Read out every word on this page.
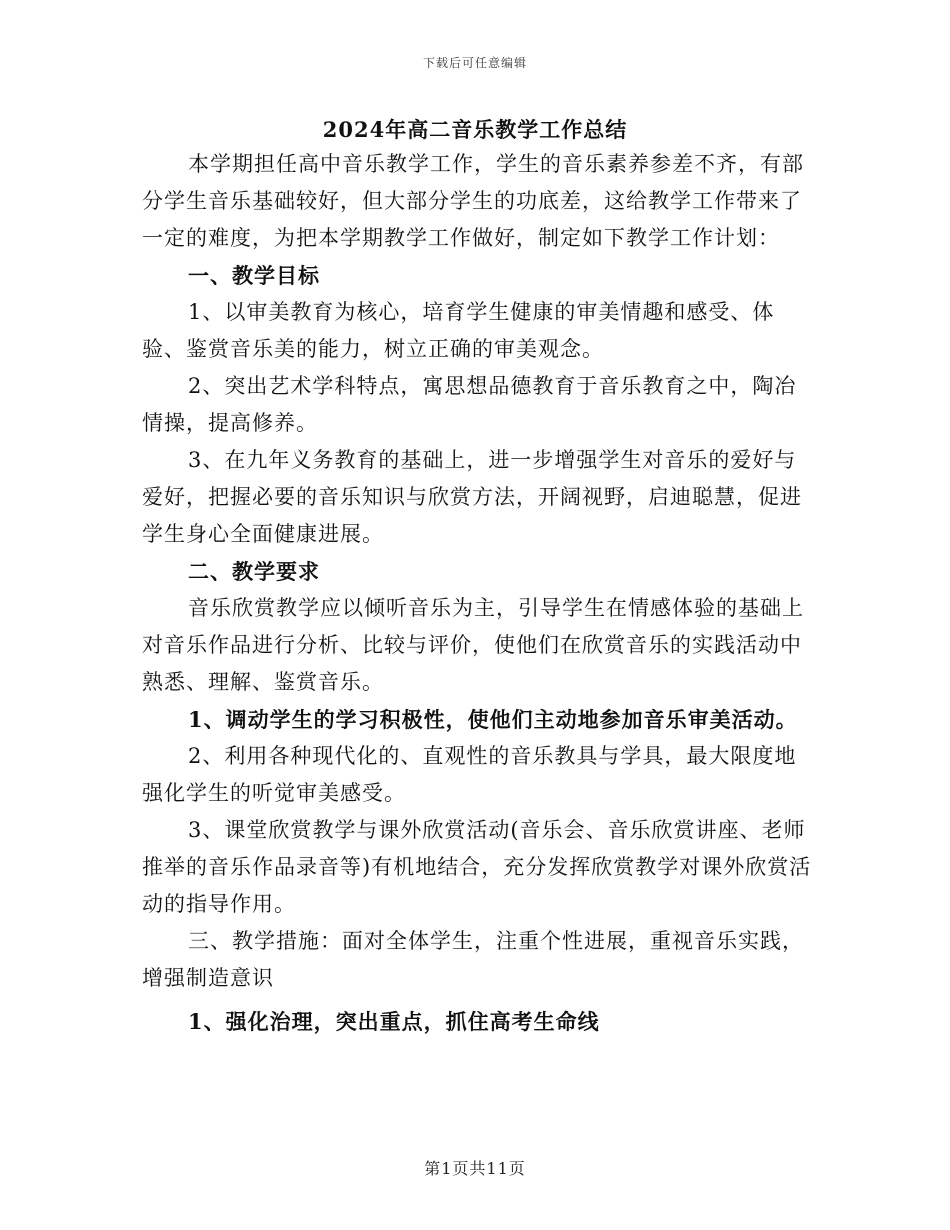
下载后可任意编辑
2024年高二音乐教学工作总结

本学期担任高中音乐教学工作，学生的音乐素养参差不齐，有部分学生音乐基础较好，但大部分学生的功底差，这给教学工作带来了一定的难度，为把本学期教学工作做好，制定如下教学工作计划：

一、教学目标

1、以审美教育为核心，培育学生健康的审美情趣和感受、体验、鉴赏音乐美的能力，树立正确的审美观念。

2、突出艺术学科特点，寓思想品德教育于音乐教育之中，陶冶情操，提高修养。

3、在九年义务教育的基础上，进一步增强学生对音乐的爱好与爱好，把握必要的音乐知识与欣赏方法，开阔视野，启迪聪慧，促进学生身心全面健康进展。

二、教学要求

音乐欣赏教学应以倾听音乐为主，引导学生在情感体验的基础上对音乐作品进行分析、比较与评价，使他们在欣赏音乐的实践活动中熟悉、理解、鉴赏音乐。

1、调动学生的学习积极性，使他们主动地参加音乐审美活动。

2、利用各种现代化的、直观性的音乐教具与学具，最大限度地强化学生的听觉审美感受。

3、课堂欣赏教学与课外欣赏活动(音乐会、音乐欣赏讲座、老师推举的音乐作品录音等)有机地结合，充分发挥欣赏教学对课外欣赏活动的指导作用。

三、教学措施：面对全体学生，注重个性进展，重视音乐实践，增强制造意识

1、强化治理，突出重点，抓住高考生命线

第1页共11页
